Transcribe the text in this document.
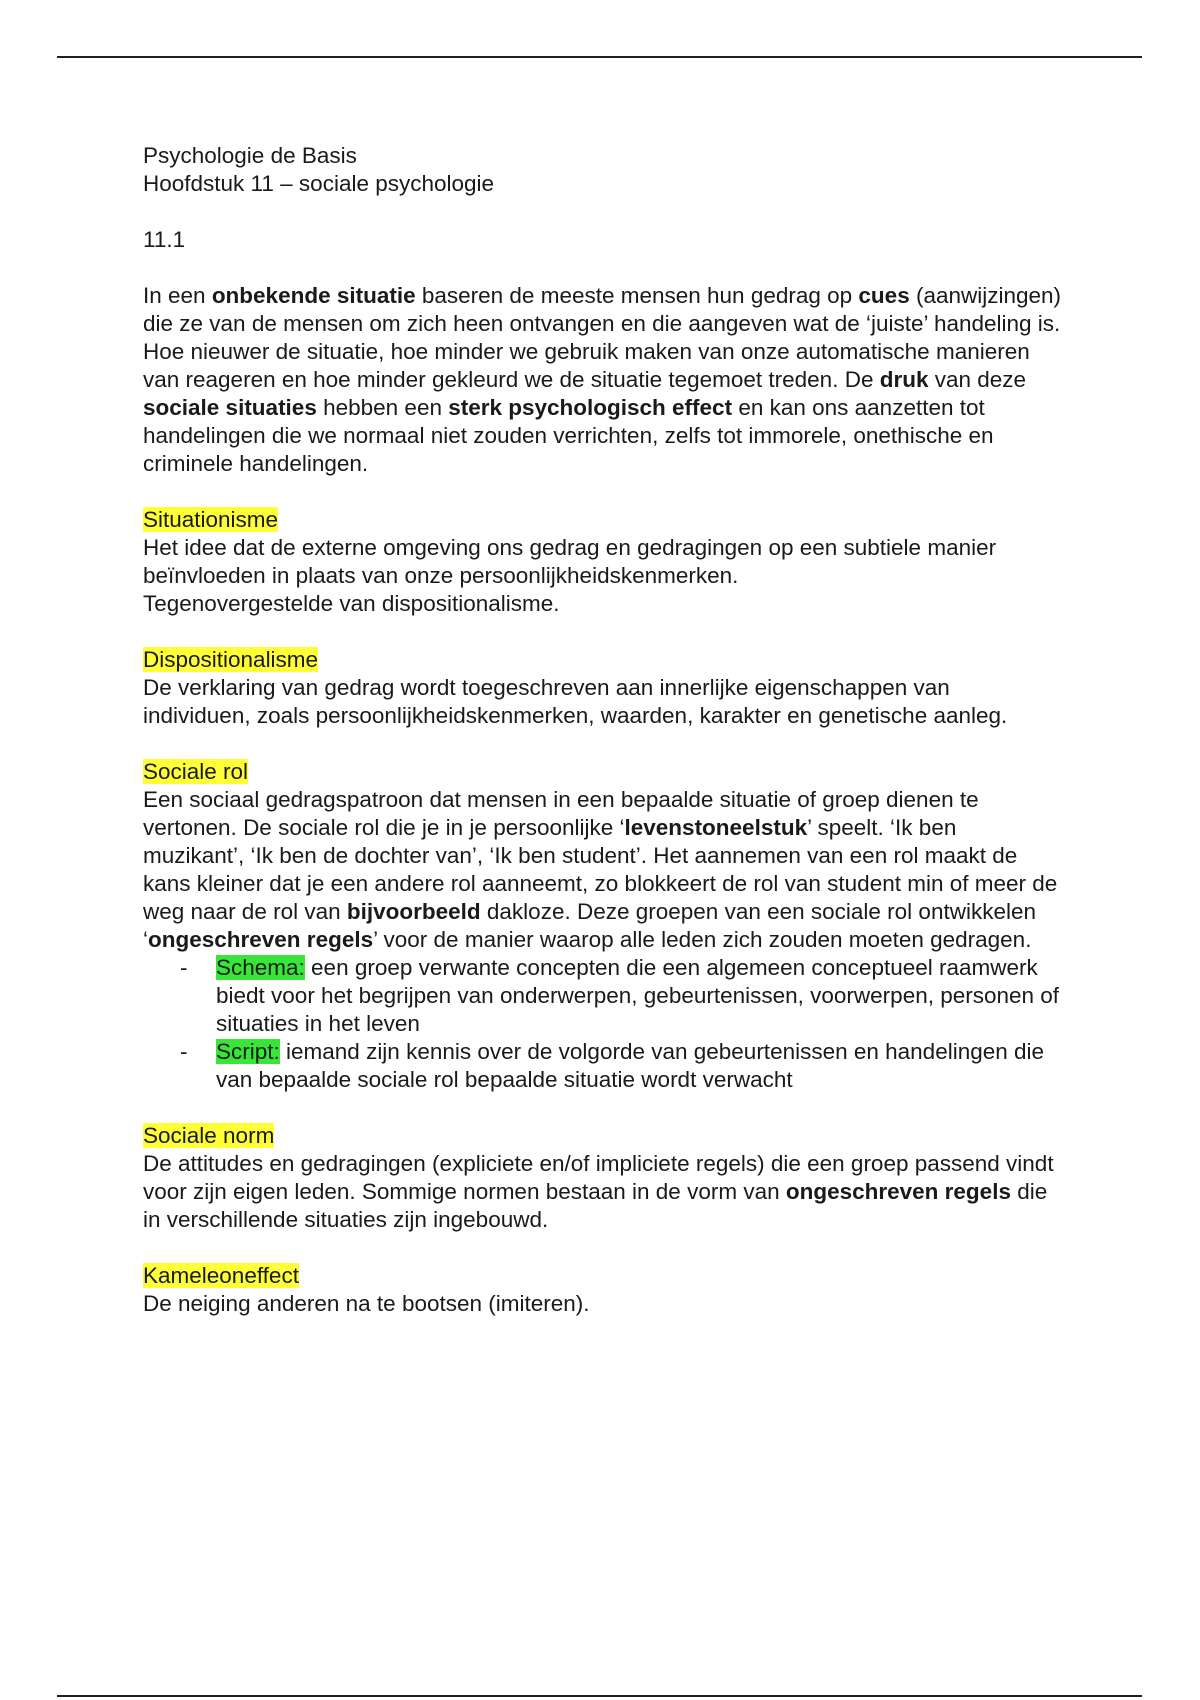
Psychologie de Basis

Hoofdstuk 11 – sociale psychologie

11.1

In een onbekende situatie baseren de meeste mensen hun gedrag op cues (aanwijzingen) die ze van de mensen om zich heen ontvangen en die aangeven wat de ‘juiste’ handeling is. Hoe nieuwer de situatie, hoe minder we gebruik maken van onze automatische manieren van reageren en hoe minder gekleurd we de situatie tegemoet treden. De druk van deze sociale situaties hebben een sterk psychologisch effect en kan ons aanzetten tot handelingen die we normaal niet zouden verrichten, zelfs tot immorele, onethische en criminele handelingen.

Situationisme

Het idee dat de externe omgeving ons gedrag en gedragingen op een subtiele manier beïnvloeden in plaats van onze persoonlijkheidskenmerken.

Tegenovergestelde van dispositionalisme.

Dispositionalisme

De verklaring van gedrag wordt toegeschreven aan innerlijke eigenschappen van individuen, zoals persoonlijkheidskenmerken, waarden, karakter en genetische aanleg.

Sociale rol

Een sociaal gedragspatroon dat mensen in een bepaalde situatie of groep dienen te vertonen. De sociale rol die je in je persoonlijke ‘levenstoneelstuk’ speelt. ‘Ik ben muzikant’, ‘Ik ben de dochter van’, ‘Ik ben student’. Het aannemen van een rol maakt de kans kleiner dat je een andere rol aanneemt, zo blokkeert de rol van student min of meer de weg naar de rol van bijvoorbeeld dakloze. Deze groepen van een sociale rol ontwikkelen ‘ongeschreven regels’ voor de manier waarop alle leden zich zouden moeten gedragen.

- Schema: een groep verwante concepten die een algemeen conceptueel raamwerk biedt voor het begrijpen van onderwerpen, gebeurtenissen, voorwerpen, personen of situaties in het leven
- Script: iemand zijn kennis over de volgorde van gebeurtenissen en handelingen die van bepaalde sociale rol bepaalde situatie wordt verwacht

Sociale norm

De attitudes en gedragingen (expliciete en/of impliciete regels) die een groep passend vindt voor zijn eigen leden. Sommige normen bestaan in de vorm van ongeschreven regels die in verschillende situaties zijn ingebouwd.

Kameleoneffect

De neiging anderen na te bootsen (imiteren).
